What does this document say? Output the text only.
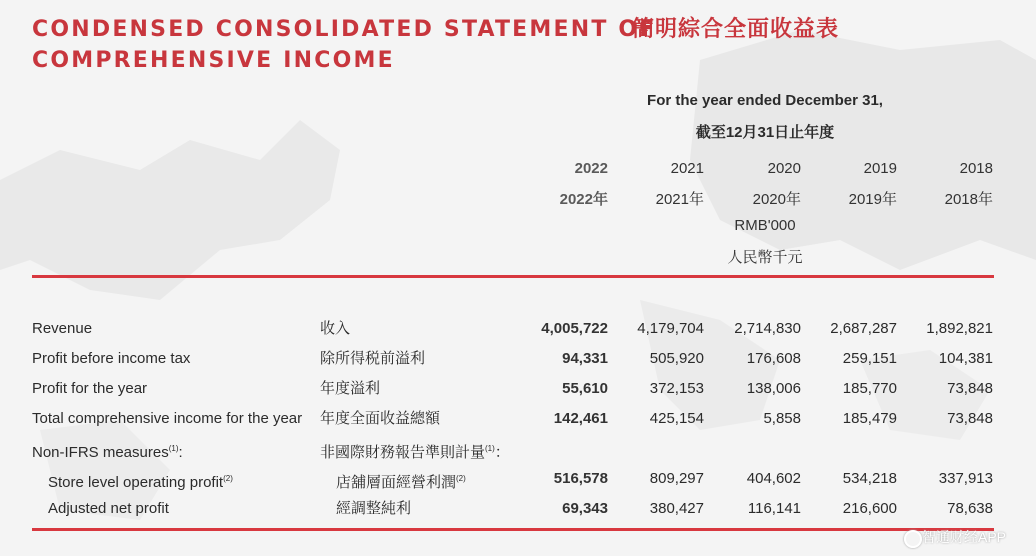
CONDENSED CONSOLIDATED STATEMENT OF
COMPREHENSIVE INCOME
簡明綜合全面收益表
For the year ended December 31,
截至12月31日止年度
2022	2021	2020	2019	2018
2022年	2021年	2020年	2019年	2018年
RMB'000
人民幣千元
Revenue	收入	4,005,722	4,179,704	2,714,830	2,687,287	1,892,821
Profit before income tax	除所得税前溢利	94,331	505,920	176,608	259,151	104,381
Profit for the year	年度溢利	55,610	372,153	138,006	185,770	73,848
Total comprehensive income for the year 年度全面收益總額	142,461	425,154	5,858	185,479	73,848
Non-IFRS measures$^{(1)}$:	非國際財務報告準則計量$^{(1)}$：
Store level operating profit$^{(2)}$	店舖層面經營利潤$^{(2)}$	516,578	809,297	404,602	534,218	337,913
Adjusted net profit	經調整純利	69,343	380,427	116,141	216,600	78,638
智通财经APP
